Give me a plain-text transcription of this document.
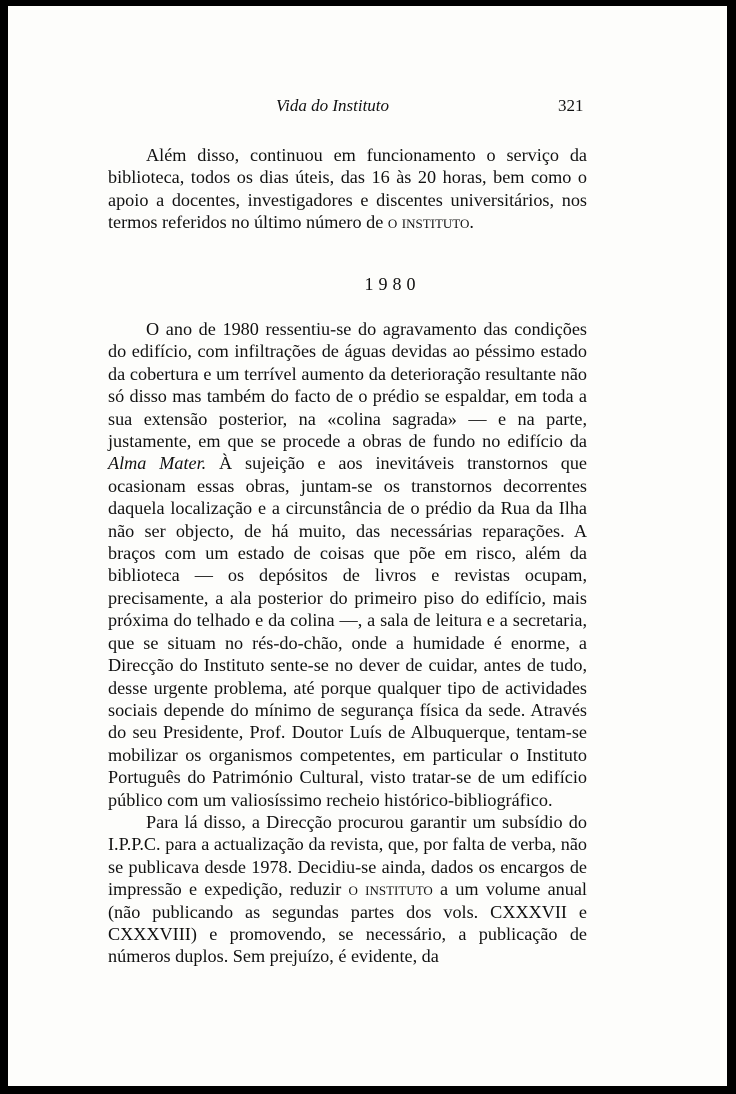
Vida do Instituto	321

Além disso, continuou em funcionamento o serviço da biblioteca, todos os dias úteis, das 16 às 20 horas, bem como o apoio a docentes, investigadores e discentes universitários, nos termos referidos no último número de o instituto.

1980

O ano de 1980 ressentiu-se do agravamento das condições do edifício, com infiltrações de águas devidas ao péssimo estado da cobertura e um terrível aumento da deterioração resultante não só disso mas também do facto de o prédio se espaldar, em toda a sua extensão posterior, na «colina sagrada» — e na parte, justamente, em que se procede a obras de fundo no edifício da Alma Mater. À sujeição e aos inevitáveis transtornos que ocasionam essas obras, juntam-se os transtornos decorrentes daquela localização e a circunstância de o prédio da Rua da Ilha não ser objecto, de há muito, das necessárias reparações. A braços com um estado de coisas que põe em risco, além da biblioteca — os depósitos de livros e revistas ocupam, precisamente, a ala posterior do primeiro piso do edifício, mais próxima do telhado e da colina —, a sala de leitura e a secretaria, que se situam no rés-do-chão, onde a humidade é enorme, a Direcção do Instituto sente-se no dever de cuidar, antes de tudo, desse urgente problema, até porque qualquer tipo de actividades sociais depende do mínimo de segurança física da sede. Através do seu Presidente, Prof. Doutor Luís de Albuquerque, tentam-se mobilizar os organismos competentes, em particular o Instituto Português do Património Cultural, visto tratar-se de um edifício público com um valiosíssimo recheio histórico-bibliográfico.

Para lá disso, a Direcção procurou garantir um subsídio do I.P.P.C. para a actualização da revista, que, por falta de verba, não se publicava desde 1978. Decidiu-se ainda, dados os encargos de impressão e expedição, reduzir o instituto a um volume anual (não publicando as segundas partes dos vols. CXXXVII e CXXXVIII) e promovendo, se necessário, a publicação de números duplos. Sem prejuízo, é evidente, da
